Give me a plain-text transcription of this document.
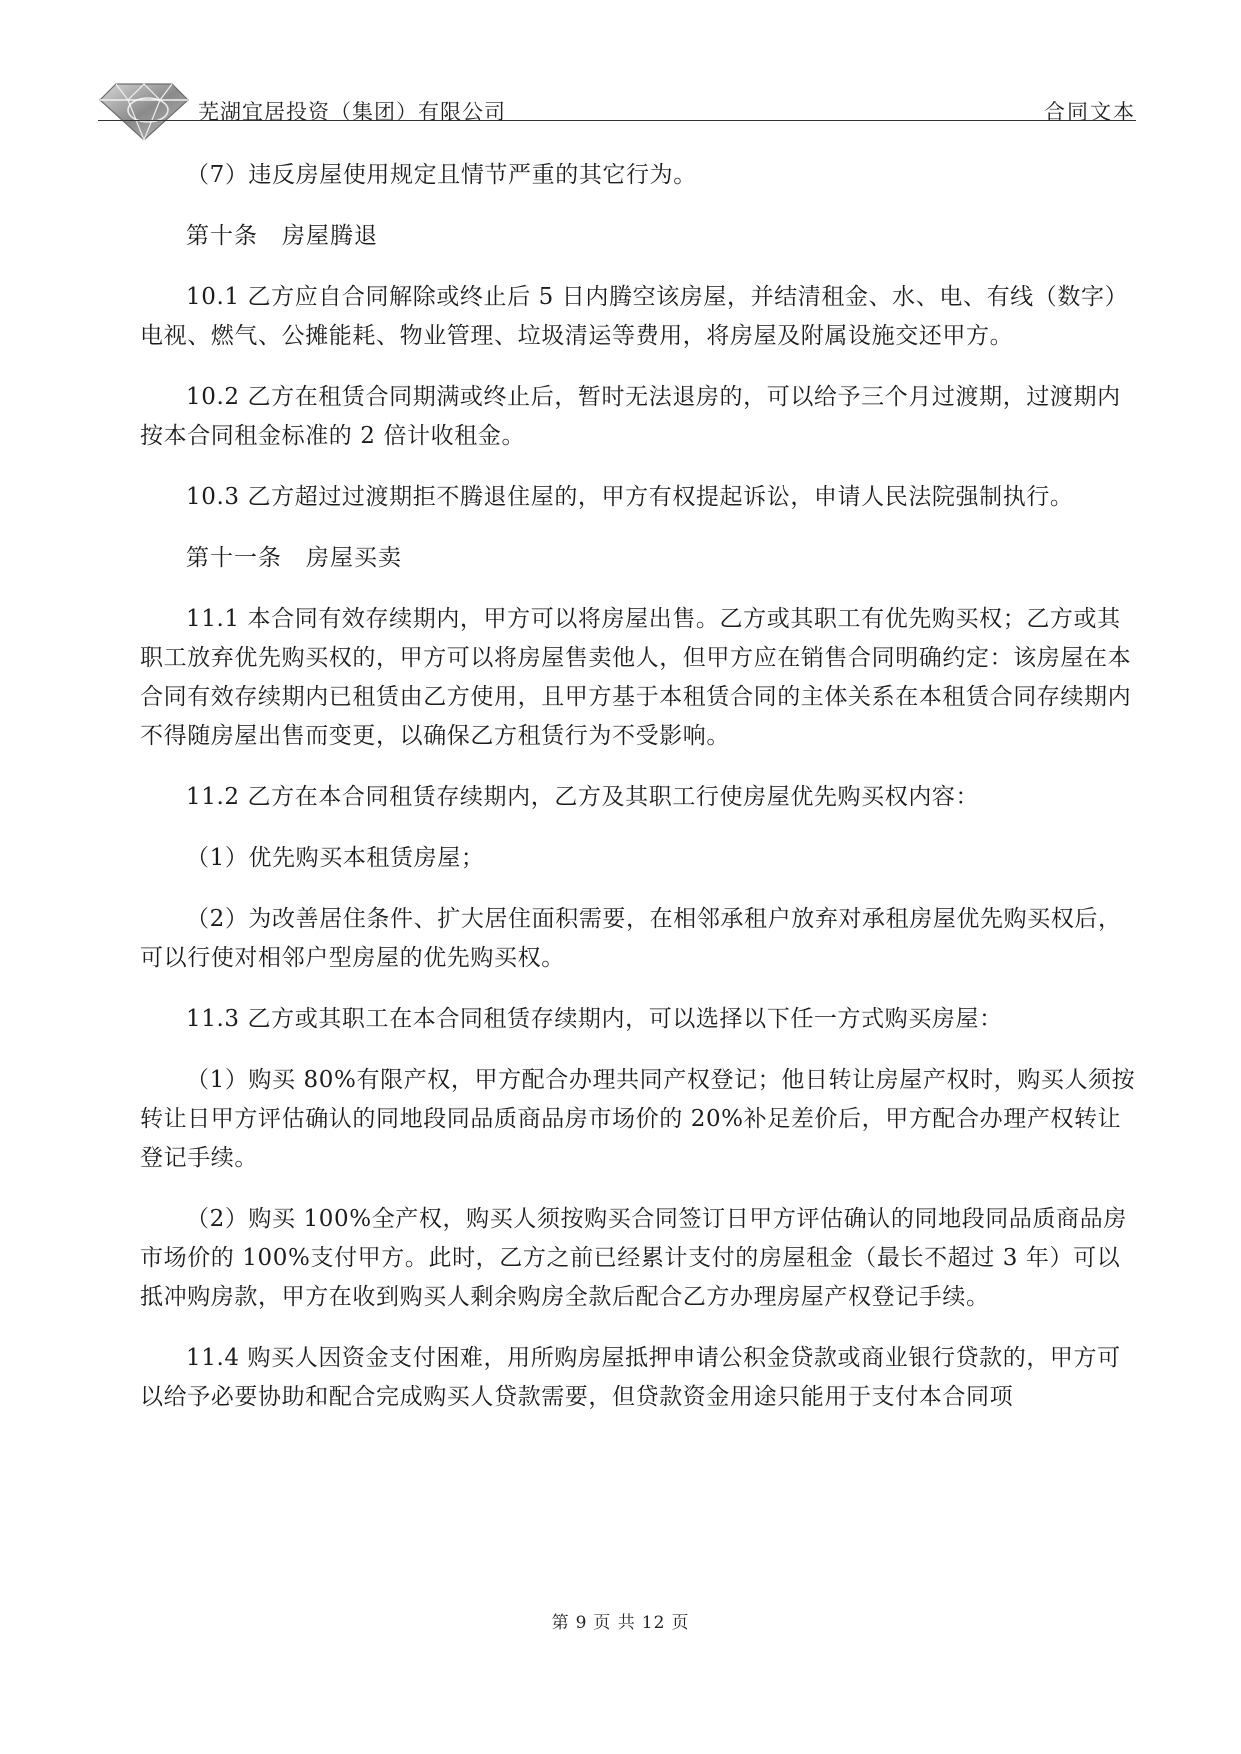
芜湖宜居投资（集团）有限公司	合同文本

（7）违反房屋使用规定且情节严重的其它行为。

第十条　房屋腾退

10.1 乙方应自合同解除或终止后 5 日内腾空该房屋，并结清租金、水、电、有线（数字）电视、燃气、公摊能耗、物业管理、垃圾清运等费用，将房屋及附属设施交还甲方。

10.2 乙方在租赁合同期满或终止后，暂时无法退房的，可以给予三个月过渡期，过渡期内按本合同租金标准的 2 倍计收租金。

10.3 乙方超过过渡期拒不腾退住屋的，甲方有权提起诉讼，申请人民法院强制执行。

第十一条　房屋买卖

11.1 本合同有效存续期内，甲方可以将房屋出售。乙方或其职工有优先购买权；乙方或其职工放弃优先购买权的，甲方可以将房屋售卖他人，但甲方应在销售合同明确约定：该房屋在本合同有效存续期内已租赁由乙方使用，且甲方基于本租赁合同的主体关系在本租赁合同存续期内不得随房屋出售而变更，以确保乙方租赁行为不受影响。

11.2 乙方在本合同租赁存续期内，乙方及其职工行使房屋优先购买权内容：

（1）优先购买本租赁房屋；

（2）为改善居住条件、扩大居住面积需要，在相邻承租户放弃对承租房屋优先购买权后，可以行使对相邻户型房屋的优先购买权。

11.3 乙方或其职工在本合同租赁存续期内，可以选择以下任一方式购买房屋：

（1）购买 80%有限产权，甲方配合办理共同产权登记；他日转让房屋产权时，购买人须按转让日甲方评估确认的同地段同品质商品房市场价的 20%补足差价后，甲方配合办理产权转让登记手续。

（2）购买 100%全产权，购买人须按购买合同签订日甲方评估确认的同地段同品质商品房市场价的 100%支付甲方。此时，乙方之前已经累计支付的房屋租金（最长不超过 3 年）可以抵冲购房款，甲方在收到购买人剩余购房全款后配合乙方办理房屋产权登记手续。

11.4 购买人因资金支付困难，用所购房屋抵押申请公积金贷款或商业银行贷款的，甲方可以给予必要协助和配合完成购买人贷款需要，但贷款资金用途只能用于支付本合同项

第 9 页 共 12 页
